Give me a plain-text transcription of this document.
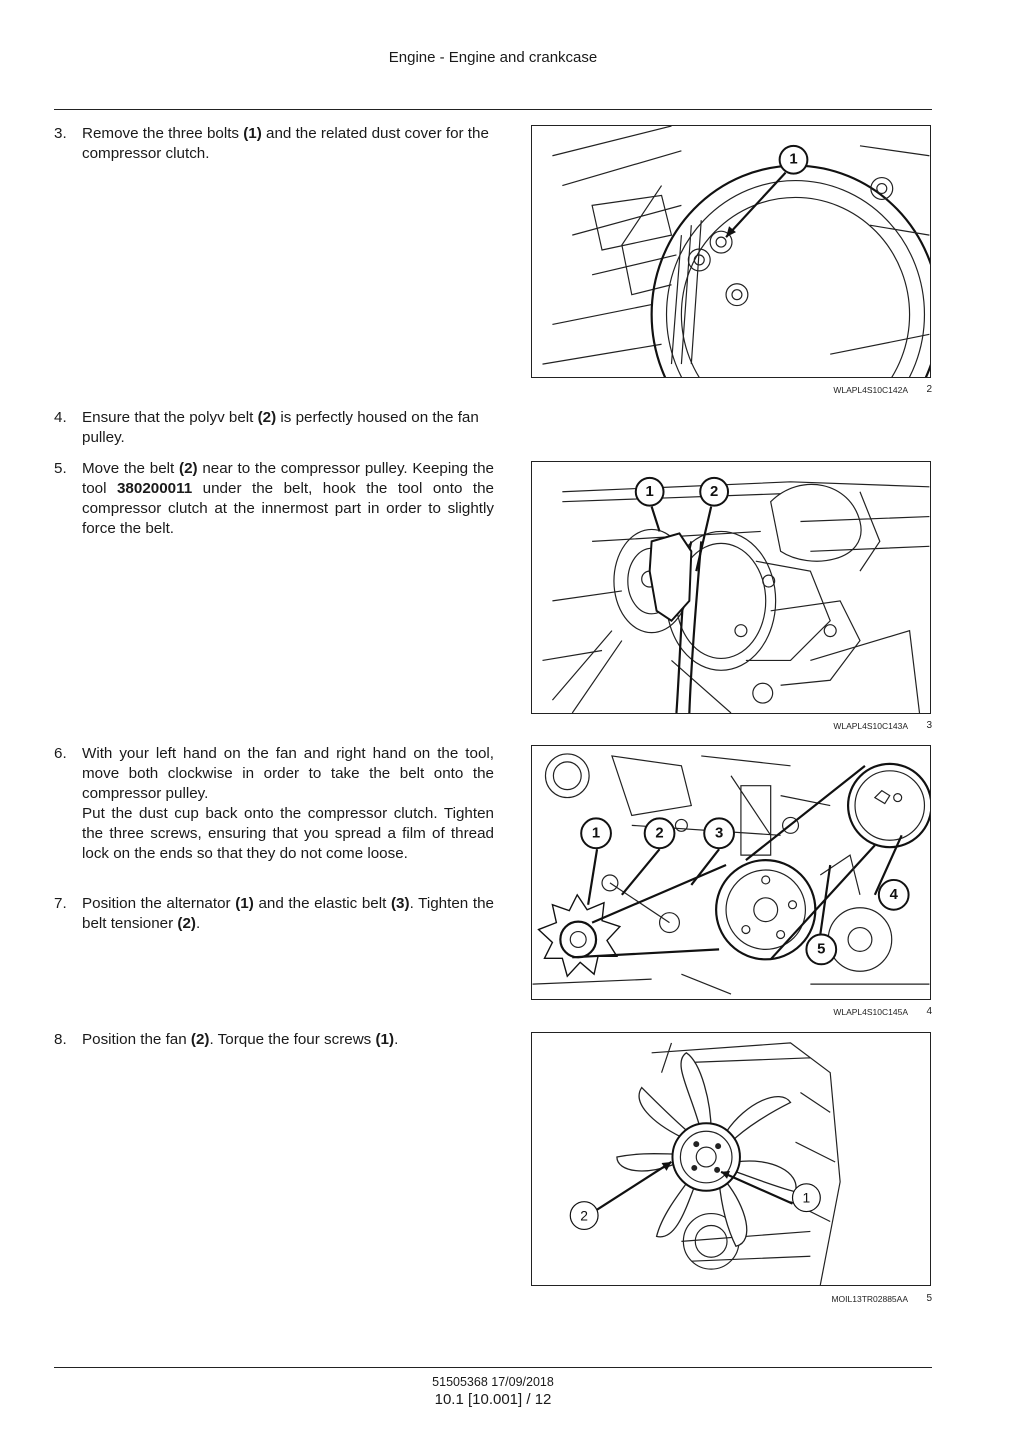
Engine - Engine and crankcase
3.	Remove the three bolts (1) and the related dust cover for the compressor clutch.
4.	Ensure that the polyv belt (2) is perfectly housed on the fan pulley.
5.	Move the belt (2) near to the compressor pulley. Keeping the tool 380200011 under the belt, hook the tool onto the compressor clutch at the innermost part in order to slightly force the belt.
6.	With your left hand on the fan and right hand on the tool, move both clockwise in order to take the belt onto the compressor pulley.
Put the dust cup back onto the compressor clutch. Tighten the three screws, ensuring that you spread a film of thread lock on the ends so that they do not come loose.
7.	Position the alternator (1) and the elastic belt (3). Tighten the belt tensioner (2).
8.	Position the fan (2). Torque the four screws (1).
1
WLAPL4S10C142A 2
1	2
WLAPL4S10C143A 3
1	2	3
4
5
WLAPL4S10C145A 4
2
1
MOIL13TR02885AA 5
51505368 17/09/2018
10.1 [10.001] / 12
